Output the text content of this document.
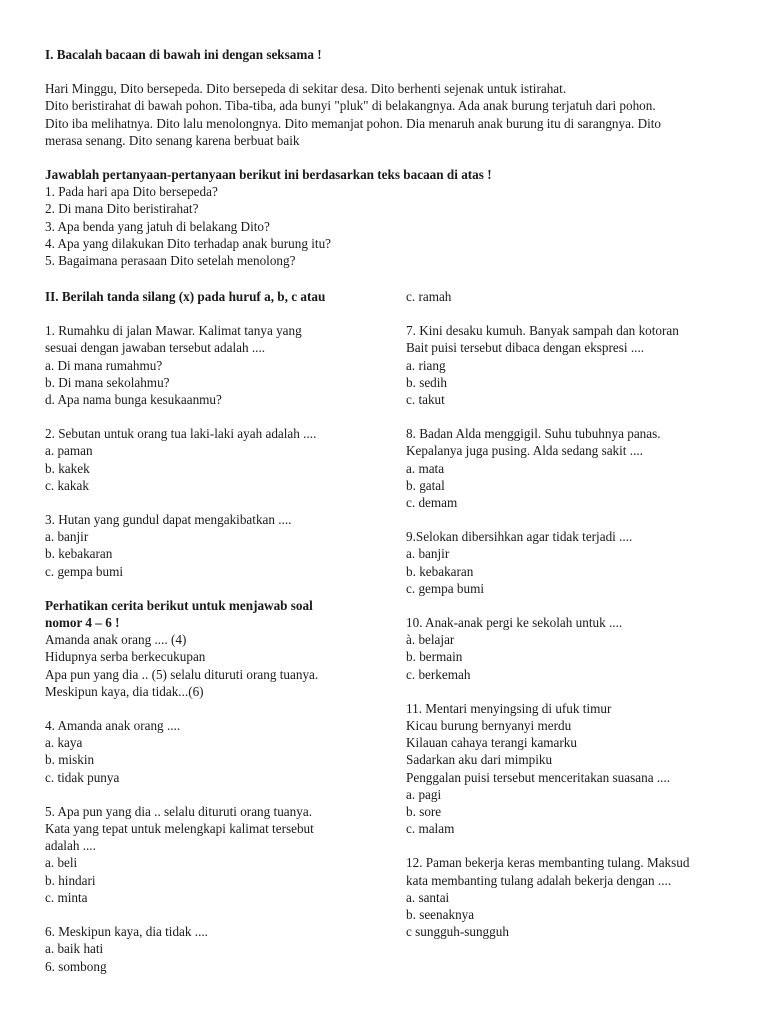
I. Bacalah bacaan di bawah ini dengan seksama !
Hari Minggu, Dito bersepeda. Dito bersepeda di sekitar desa. Dito berhenti sejenak untuk istirahat.
Dito beristirahat di bawah pohon. Tiba-tiba, ada bunyi "pluk" di belakangnya. Ada anak burung terjatuh dari pohon.
Dito iba melihatnya. Dito lalu menolongnya. Dito memanjat pohon. Dia menaruh anak burung itu di sarangnya. Dito
merasa senang. Dito senang karena berbuat baik
Jawablah pertanyaan-pertanyaan berikut ini berdasarkan teks bacaan di atas !
1. Pada hari apa Dito bersepeda?
2. Di mana Dito beristirahat?
3. Apa benda yang jatuh di belakang Dito?
4. Apa yang dilakukan Dito terhadap anak burung itu?
5. Bagaimana perasaan Dito setelah menolong?
II. Berilah tanda silang (x) pada huruf a, b, c atau
1. Rumahku di jalan Mawar. Kalimat tanya yang
sesuai dengan jawaban tersebut adalah ....
a. Di mana rumahmu?
b. Di mana sekolahmu?
d. Apa nama bunga kesukaanmu?
2. Sebutan untuk orang tua laki-laki ayah adalah ....
a. paman
b. kakek
c. kakak
3. Hutan yang gundul dapat mengakibatkan ....
a. banjir
b. kebakaran
c. gempa bumi
Perhatikan cerita berikut untuk menjawab soal
nomor 4 – 6 !
Amanda anak orang .... (4)
Hidupnya serba berkecukupan
Apa pun yang dia .. (5) selalu dituruti orang tuanya.
Meskipun kaya, dia tidak...(6)
4. Amanda anak orang ....
a. kaya
b. miskin
c. tidak punya
5. Apa pun yang dia .. selalu dituruti orang tuanya.
Kata yang tepat untuk melengkapi kalimat tersebut
adalah ....
a. beli
b. hindari
c. minta
6. Meskipun kaya, dia tidak ....
a. baik hati
6. sombong
c. ramah
7. Kini desaku kumuh. Banyak sampah dan kotoran
Bait puisi tersebut dibaca dengan ekspresi ....
a. riang
b. sedih
c. takut
8. Badan Alda menggigil. Suhu tubuhnya panas.
Kepalanya juga pusing. Alda sedang sakit ....
a. mata
b. gatal
c. demam
9.Selokan dibersihkan agar tidak terjadi ....
a. banjir
b. kebakaran
c. gempa bumi
10. Anak-anak pergi ke sekolah untuk ....
à. belajar
b. bermain
c. berkemah
11. Mentari menyingsing di ufuk timur
Kicau burung bernyanyi merdu
Kilauan cahaya terangi kamarku
Sadarkan aku dari mimpiku
Penggalan puisi tersebut menceritakan suasana ....
a. pagi
b. sore
c. malam
12. Paman bekerja keras membanting tulang. Maksud
kata membanting tulang adalah bekerja dengan ....
a. santai
b. seenaknya
c sungguh-sungguh
